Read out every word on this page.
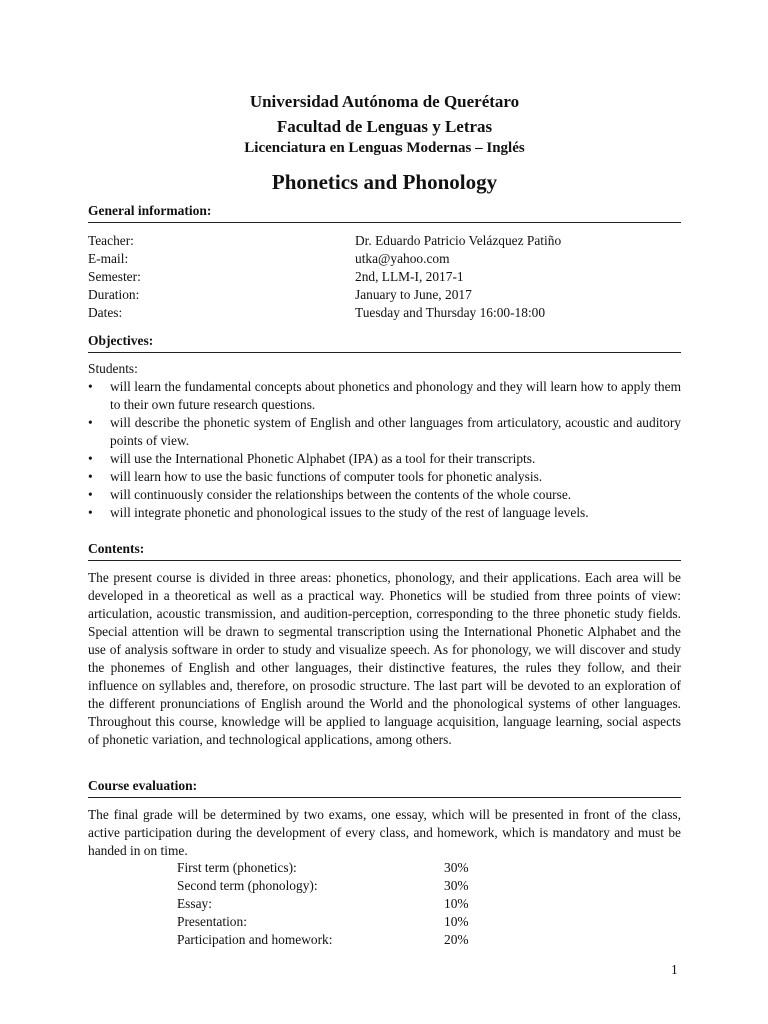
Universidad Autónoma de Querétaro
Facultad de Lenguas y Letras
Licenciatura en Lenguas Modernas – Inglés
Phonetics and Phonology
General information:
Teacher:	Dr. Eduardo Patricio Velázquez Patiño
E-mail:	utka@yahoo.com
Semester:	2nd, LLM-I, 2017-1
Duration:	January to June, 2017
Dates:	Tuesday and Thursday 16:00-18:00
Objectives:
Students:
• will learn the fundamental concepts about phonetics and phonology and they will learn how to apply them to their own future research questions.
• will describe the phonetic system of English and other languages from articulatory, acoustic and auditory points of view.
• will use the International Phonetic Alphabet (IPA) as a tool for their transcripts.
• will learn how to use the basic functions of computer tools for phonetic analysis.
• will continuously consider the relationships between the contents of the whole course.
• will integrate phonetic and phonological issues to the study of the rest of language levels.
Contents:
The present course is divided in three areas: phonetics, phonology, and their applications. Each area will be developed in a theoretical as well as a practical way. Phonetics will be studied from three points of view: articulation, acoustic transmission, and audition-perception, corresponding to the three phonetic study fields. Special attention will be drawn to segmental transcription using the International Phonetic Alphabet and the use of analysis software in order to study and visualize speech. As for phonology, we will discover and study the phonemes of English and other languages, their distinctive features, the rules they follow, and their influence on syllables and, therefore, on prosodic structure. The last part will be devoted to an exploration of the different pronunciations of English around the World and the phonological systems of other languages. Throughout this course, knowledge will be applied to language acquisition, language learning, social aspects of phonetic variation, and technological applications, among others.
Course evaluation:
The final grade will be determined by two exams, one essay, which will be presented in front of the class, active participation during the development of every class, and homework, which is mandatory and must be handed in on time.
First term (phonetics):	30%
Second term (phonology):	30%
Essay:	10%
Presentation:	10%
Participation and homework:	20%
1
